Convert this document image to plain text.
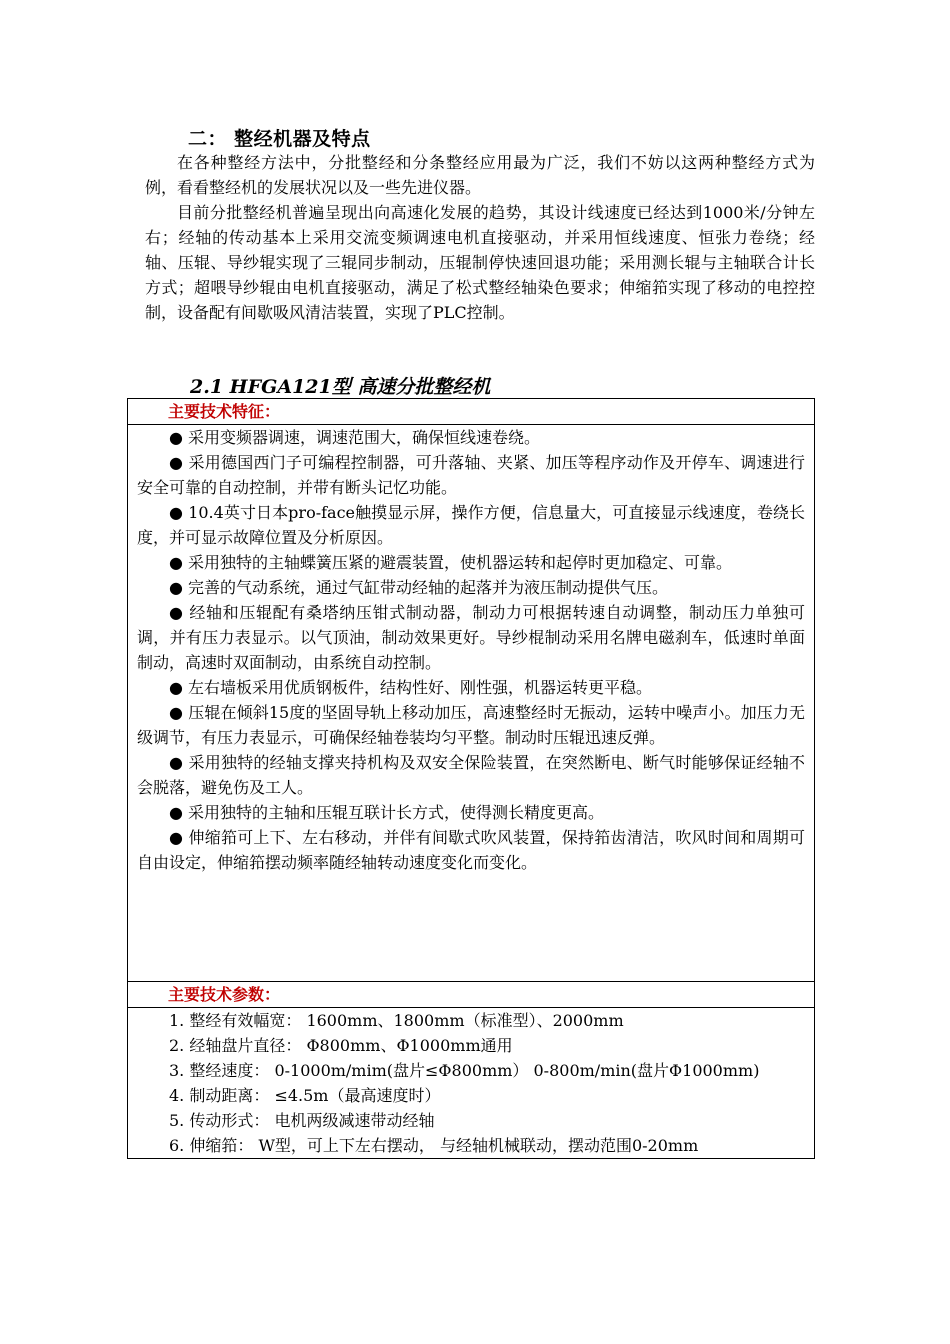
二： 整经机器及特点

在各种整经方法中，分批整经和分条整经应用最为广泛，我们不妨以这两种整经方式为例，看看整经机的发展状况以及一些先进仪器。

目前分批整经机普遍呈现出向高速化发展的趋势，其设计线速度已经达到1000米/分钟左右；经轴的传动基本上采用交流变频调速电机直接驱动，并采用恒线速度、恒张力卷绕；经轴、压辊、导纱辊实现了三辊同步制动，压辊制停快速回退功能；采用测长辊与主轴联合计长方式；超喂导纱辊由电机直接驱动，满足了松式整经轴染色要求；伸缩筘实现了移动的电控控制，设备配有间歇吸风清洁装置，实现了PLC控制。

2.1 HFGA121型 高速分批整经机
主要技术特征：

● 采用变频器调速，调速范围大，确保恒线速卷绕。

● 采用德国西门子可编程控制器，可升落轴、夹紧、加压等程序动作及开停车、调速进行安全可靠的自动控制，并带有断头记忆功能。

● 10.4英寸日本pro-face触摸显示屏，操作方便，信息量大，可直接显示线速度，卷绕长度，并可显示故障位置及分析原因。

● 采用独特的主轴蝶簧压紧的避震装置，使机器运转和起停时更加稳定、可靠。

● 完善的气动系统，通过气缸带动经轴的起落并为液压制动提供气压。

● 经轴和压辊配有桑塔纳压钳式制动器，制动力可根据转速自动调整，制动压力单独可调，并有压力表显示。以气顶油，制动效果更好。导纱棍制动采用名牌电磁刹车，低速时单面制动，高速时双面制动，由系统自动控制。

● 左右墙板采用优质钢板件，结构性好、刚性强，机器运转更平稳。

● 压辊在倾斜15度的坚固导轨上移动加压，高速整经时无振动，运转中噪声小。加压力无级调节，有压力表显示，可确保经轴卷装均匀平整。制动时压辊迅速反弹。

● 采用独特的经轴支撑夹持机构及双安全保险装置，在突然断电、断气时能够保证经轴不会脱落，避免伤及工人。

● 采用独特的主轴和压辊互联计长方式，使得测长精度更高。

● 伸缩筘可上下、左右移动，并伴有间歇式吹风装置，保持筘齿清洁，吹风时间和周期可自由设定，伸缩筘摆动频率随经轴转动速度变化而变化。

主要技术参数：

1. 整经有效幅宽： 1600mm、1800mm（标准型）、2000mm

2. 经轴盘片直径： Φ800mm、Φ1000mm通用

3. 整经速度： 0-1000m/mim(盘片≤Φ800mm） 0-800m/min(盘片Φ1000mm)

4. 制动距离： ≤4.5m（最高速度时）

5. 传动形式： 电机两级减速带动经轴

6. 伸缩筘： W型，可上下左右摆动， 与经轴机械联动，摆动范围0-20mm
